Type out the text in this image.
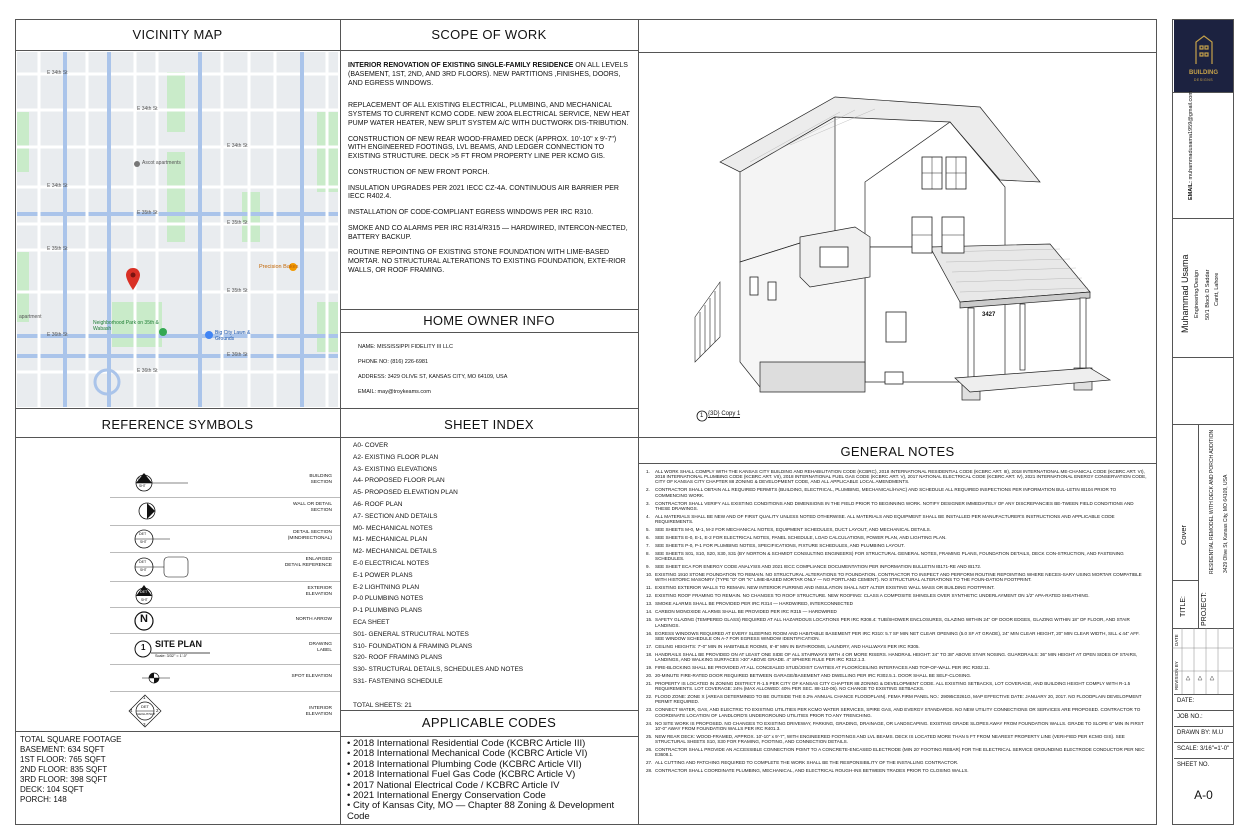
VICINITY MAP	SCOPE OF WORK
HOME OWNER INFO
REFERENCE SYMBOLS	SHEET INDEX
APPLICABLE CODES
GENERAL NOTES
E 34th St
E 34th St
E 34th St
E 34th St
E 35th St
E 35th St
E 35th St
E 35th St
E 36th St
E 36th St
E 36th St
Ascot apartments
Precision Bakes
Neighborhood Park on 35th & Wabash
Big City Lawn & Grounds
apartment

INTERIOR RENOVATION OF EXISTING SINGLE-FAMILY RESIDENCE ON ALL LEVELS (BASEMENT, 1ST, 2ND, AND 3RD FLOORS). NEW PARTITIONS ,FINISHES, DOORS, AND EGRESS WINDOWS.

REPLACEMENT OF ALL EXISTING ELECTRICAL, PLUMBING, AND MECHANICAL SYSTEMS TO CURRENT KCMO CODE. NEW 200A ELECTRICAL SERVICE, NEW HEAT PUMP WATER HEATER, NEW SPLIT SYSTEM A/C WITH DUCTWORK DIS-TRIBUTION.

CONSTRUCTION OF NEW REAR WOOD-FRAMED DECK (APPROX. 10'-10" x 9'-7") WITH ENGINEERED FOOTINGS, LVL BEAMS, AND LEDGER CONNECTION TO EXISTING STRUCTURE. DECK >5 FT FROM PROPERTY LINE PER KCMO GIS.

CONSTRUCTION OF NEW FRONT PORCH.

INSULATION UPGRADES PER 2021 IECC CZ-4A. CONTINUOUS AIR BARRIER PER IECC R402.4.

INSTALLATION OF CODE-COMPLIANT EGRESS WINDOWS PER IRC R310.

SMOKE AND CO ALARMS PER IRC R314/R315 — HARDWIRED, INTERCON-NECTED, BATTERY BACKUP.

ROUTINE REPOINTING OF EXISTING STONE FOUNDATION WITH LIME-BASED MORTAR. NO STRUCTURAL ALTERATIONS TO EXISTING FOUNDATION, EXTE-RIOR WALLS, OR ROOF FRAMING.

NAME: MISSISSIPPI FIDELITY III LLC
PHONE NO: (816) 226-6981
ADDRESS: 3429 OLIVE ST, KANSAS CITY, MO 64109, USA
EMAIL: may@troykeams.com
DET
SHT
BUILDING
SECTION
WALL OR DETAIL
SECTION
DET
SHT
DETAIL SECTION
(MINDIRECTIONAL)
DET
SHT
ENLARGED
DETAIL REFERENCE
DET
SHT
EXTERIOR
ELEVATION
N	NORTH ARROW
1 SITE PLAN
Scale: 3/32" = 1'-0"
DRAWING
LABEL
SPOT ELEVATION
1
2
3
4
DET
HEIGHT/SHT
INTERIOR
ELEVATION
A0- COVER
A2- EXISTING FLOOR PLAN
A3- EXISTING ELEVATIONS
A4- PROPOSED FLOOR PLAN
A5- PROPOSED ELEVATION PLAN
A6- ROOF PLAN
A7- SECTION AND DETAILS
M0- MECHANICAL NOTES
M1- MECHANICAL PLAN
M2- MECHANICAL DETAILS
E-0 ELECTRICAL NOTES
E-1 POWER PLANS
E-2 LIGHTNING PLAN
P-0 PLUMBING NOTES
P-1 PLUMBING PLANS
ECA SHEET
S01- GENERAL STRUCUTRAL NOTES
S10- FOUNDATION & FRAMING PLANS
S20- ROOF FRAMING PLANS
S30- STRUCTURAL DETAILS, SCHEDULES AND NOTES
S31- FASTENING SCHEDULE
TOTAL SHEETS: 21
• 2018 International Residential Code (KCBRC Article III)
• 2018 International Mechanical Code (KCBRC Article VI)
• 2018 International Plumbing Code (KCBRC Article VII)
• 2018 International Fuel Gas Code (KCBRC Article V)
• 2017 National Electrical Code / KCBRC Article IV
• 2021 International Energy Conservation Code
• City of Kansas City, MO — Chapter 88 Zoning & Development Code
TOTAL SQUARE FOOTAGE
BASEMENT: 634 SQFT
1ST FLOOR: 765 SQFT
2ND FLOOR: 835 SQFT
3RD FLOOR: 398 SQFT
DECK: 104 SQFT
PORCH: 148
3427
1 {3D} Copy 1
1.	ALL WORK SHALL COMPLY WITH THE KANSAS CITY BUILDING AND REHABILITATION CODE (KCBRC), 2018 INTERNATIONAL RESIDENTIAL CODE (KCBRC ART. III), 2018 INTERNATIONAL ME-CHANICAL CODE (KCBRC ART. VI), 2018 INTERNATIONAL PLUMBING CODE (KCBRC ART. VII), 2018 INTERNATIONAL FUEL GAS CODE (KCBRC ART. V), 2017 NATIONAL ELECTRICAL CODE (KCBRC ART. IV), 2021 INTERNATIONAL ENERGY CONSERVATION CODE, CITY OF KANSAS CITY CHAPTER 88 ZONING & DEVELOPMENT CODE, AND ALL APPLICABLE LOCAL AMENDMENTS.
2.	CONTRACTOR SHALL OBTAIN ALL REQUIRED PERMITS (BUILDING, ELECTRICAL, PLUMBING, MECHANICAL/HVAC) AND SCHEDULE ALL REQUIRED INSPECTIONS PER INFORMATION BUL-LETIN IB104 PRIOR TO COMMENCING WORK.
3.	CONTRACTOR SHALL VERIFY ALL EXISTING CONDITIONS AND DIMENSIONS IN THE FIELD PRIOR TO BEGINNING WORK. NOTIFY DESIGNER IMMEDIATELY OF ANY DISCREPANCIES BE-TWEEN FIELD CONDITIONS AND THESE DRAWINGS.
4.	ALL MATERIALS SHALL BE NEW AND OF FIRST QUALITY UNLESS NOTED OTHERWISE. ALL MATERIALS AND EQUIPMENT SHALL BE INSTALLED PER MANUFACTURER'S INSTRUCTIONS AND APPLICABLE CODE REQUIREMENTS.
5.	SEE SHEETS M-0, M-1, M-2 FOR MECHANICAL NOTES, EQUIPMENT SCHEDULES, DUCT LAYOUT, AND MECHANICAL DETAILS.
6.	SEE SHEETS E-0, E-1, E-2 FOR ELECTRICAL NOTES, PANEL SCHEDULE, LOAD CALCULATIONS, POWER PLAN, AND LIGHTING PLAN.
7.	SEE SHEETS P-0, P-1 FOR PLUMBING NOTES, SPECIFICATIONS, FIXTURE SCHEDULES, AND PLUMBING LAYOUT.
8.	SEE SHEETS S01, S10, S20, S30, S31 (BY NORTON & SCHMIDT CONSULTING ENGINEERS) FOR STRUCTURAL GENERAL NOTES, FRAMING PLANS, FOUNDATION DETAILS, DECK CON-STRUCTION, AND FASTENING SCHEDULES.
9.	SEE SHEET ECA FOR ENERGY CODE ANALYSIS AND 2021 IECC COMPLIANCE DOCUMENTATION PER INFORMATION BULLETIN IB171-RE AND IB172.
10. EXISTING 1910 STONE FOUNDATION TO REMAIN. NO STRUCTURAL ALTERATIONS TO FOUNDATION. CONTRACTOR TO INSPECT AND PERFORM ROUTINE REPOINTING WHERE NECES-SARY USING MORTAR COMPATIBLE WITH HISTORIC MASONRY (TYPE "O" OR "K" LIME-BASED MORTAR ONLY — NO PORTLAND CEMENT). NO STRUCTURAL ALTERATIONS TO THE FOUN-DATION FOOTPRINT.
11. EXISTING EXTERIOR WALLS TO REMAIN. NEW INTERIOR FURRING AND INSULATION SHALL NOT ALTER EXISTING WALL MASS OR BUILDING FOOTPRINT.
12. EXISTING ROOF FRAMING TO REMAIN. NO CHANGES TO ROOF STRUCTURE. NEW ROOFING: CLASS A COMPOSITE SHINGLES OVER SYNTHETIC UNDERLAYMENT ON 1/2" APA-RATED SHEATHING.
13. SMOKE ALARMS SHALL BE PROVIDED PER IRC R314 — HARDWIRED, INTERCONNECTED
14. CARBON MONOXIDE ALARMS SHALL BE PROVIDED PER IRC R315 — HARDWIRED
15. SAFETY GLAZING (TEMPERED GLASS) REQUIRED AT ALL HAZARDOUS LOCATIONS PER IRC R308.4: TUB/SHOWER ENCLOSURES, GLAZING WITHIN 24" OF DOOR EDGES, GLAZING WITHIN 18" OF FLOOR, AND STAIR LANDINGS.
16. EGRESS WINDOWS REQUIRED AT EVERY SLEEPING ROOM AND HABITABLE BASEMENT PER IRC R310: 5.7 SF MIN NET CLEAR OPENING (5.0 SF AT GRADE), 24" MIN CLEAR HEIGHT, 20" MIN CLEAR WIDTH, SILL ≤ 44" AFF. SEE WINDOW SCHEDULE ON A-7 FOR EGRESS WINDOW IDENTIFICATION.
17. CEILING HEIGHTS: 7'-0" MIN IN HABITABLE ROOMS, 6'-8" MIN IN BATHROOMS, LAUNDRY, AND HALLWAYS PER IRC R305.
18. HANDRAILS SHALL BE PROVIDED ON AT LEAST ONE SIDE OF ALL STAIRWAYS WITH 4 OR MORE RISERS. HANDRAIL HEIGHT: 34" TO 38" ABOVE STAIR NOSING. GUARDRAILS: 36" MIN HEIGHT AT OPEN SIDES OF STAIRS, LANDINGS, AND WALKING SURFACES >30" ABOVE GRADE. 4" SPHERE RULE PER IRC R312.1.3.
19. FIRE-BLOCKING SHALL BE PROVIDED AT ALL CONCEALED STUD/JOIST CAVITIES AT FLOOR/CEILING INTERFACES AND TOP-OF-WALL PER IRC R302.11.
20. 20-MINUTE FIRE-RATED DOOR REQUIRED BETWEEN GARAGE/BASEMENT AND DWELLING PER IRC R302.5.1. DOOR SHALL BE SELF-CLOSING.
21. PROPERTY IS LOCATED IN ZONING DISTRICT R-1.5 PER CITY OF KANSAS CITY CHAPTER 88 ZONING & DEVELOPMENT CODE. ALL EXISTING SETBACKS, LOT COVERAGE, AND BUILDING HEIGHT COMPLY WITH R-1.5 REQUIREMENTS. LOT COVERAGE: 24% (MAX ALLOWED: 40% PER SEC. 88-110-06). NO CHANGE TO EXISTING SETBACKS.
22. FLOOD ZONE: ZONE X (AREAS DETERMINED TO BE OUTSIDE THE 0.2% ANNUAL CHANCE FLOODPLAIN). FEMA FIRM PANEL NO.: 29095C0261G, MAP EFFECTIVE DATE: JANUARY 20, 2017. NO FLOODPLAIN DEVELOPMENT PERMIT REQUIRED.
23. CONNECT WATER, GAS, AND ELECTRIC TO EXISTING UTILITIES PER KCMO WATER SERVICES, SPIRE GAS, AND EVERGY STANDARDS. NO NEW UTILITY CONNECTIONS OR SERVICES ARE PROPOSED. CONTRACTOR TO COORDINATE LOCATION OF LANDLORD'S UNDERGROUND UTILITIES PRIOR TO ANY TRENCHING.
24. NO SITE WORK IS PROPOSED. NO CHANGES TO EXISTING DRIVEWAY, PARKING, GRADING, DRAINAGE, OR LANDSCAPING. EXISTING GRADE SLOPES AWAY FROM FOUNDATION WALLS. GRADE TO SLOPE 6" MIN IN FIRST 10'-0" AWAY FROM FOUNDATION WALLS PER IRC R401.3.
25. NEW REAR DECK: WOOD-FRAMED, APPROX. 10'-10" x 9'-7", WITH ENGINEERED FOOTINGS AND LVL BEAMS. DECK IS LOCATED MORE THAN 5 FT FROM NEAREST PROPERTY LINE (VERI-FIED PER KCMO GIS). SEE STRUCTURAL SHEETS S10, S30 FOR FRAMING, FOOTING, AND CONNECTION DETAILS.
26. CONTRACTOR SHALL PROVIDE AN ACCESSIBLE CONNECTION POINT TO A CONCRETE-ENCASED ELECTRODE (MIN 20' FOOTING REBAR) FOR THE ELECTRICAL SERVICE GROUNDING ELECTRODE CONDUCTOR PER NEC E3608.1.
27. ALL CUTTING AND PATCHING REQUIRED TO COMPLETE THE WORK SHALL BE THE RESPONSIBILITY OF THE INSTALLING CONTRACTOR.
28. CONTRACTOR SHALL COORDINATE PLUMBING, MECHANICAL, AND ELECTRICAL ROUGH-INS BETWEEN TRADES PRIOR TO CLOSING WALLS.
BUILDING
DESIGNS
EMAIL: muhammadusama1959@gmail.com
Muhammad Usama Engineering/Design 50/1 Block D Saddar Cantt, Lahore
TITLE:
Cover
PROJECT:
RESIDENTIAL REMODEL WITH DECK AND PORCH ADDITION 3429 Olive St, Kansas City, MO 64109, USA
REVISION BY
DATE
DATE:
JOB NO.:
DRAWN BY: M.U
SCALE: 3/16"=1'-0"
SHEET NO.
A-0
